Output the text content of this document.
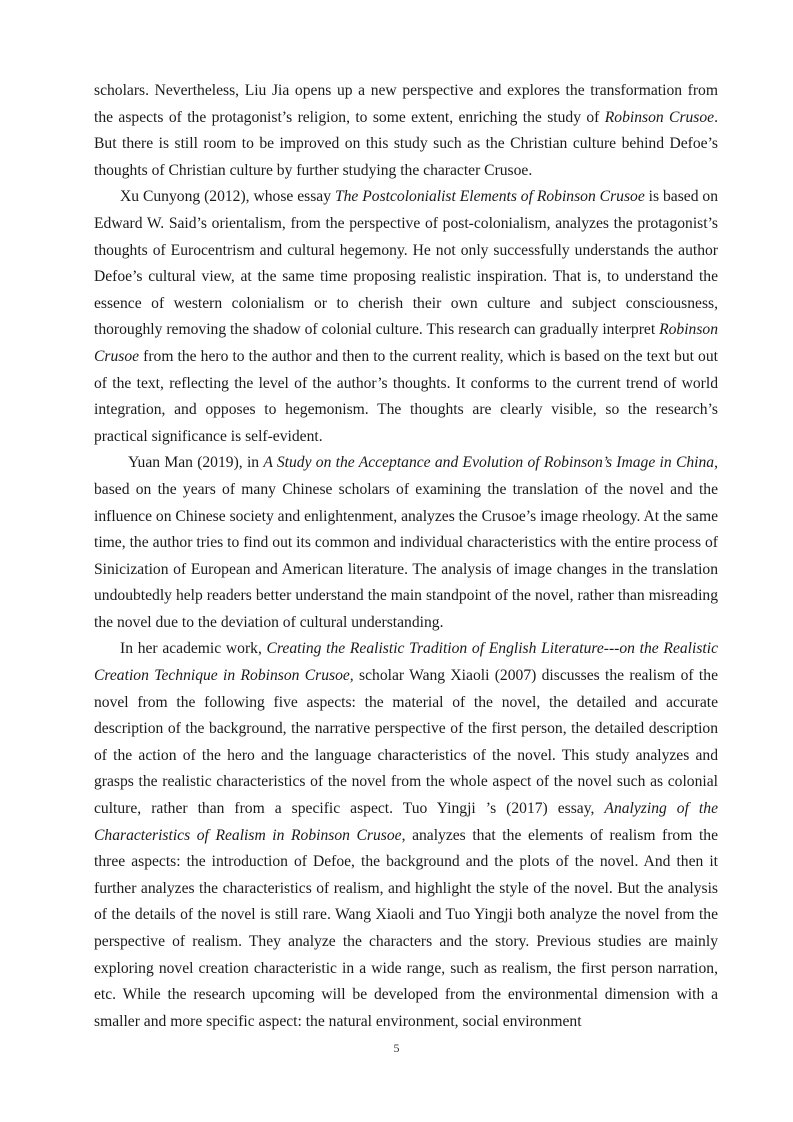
scholars. Nevertheless, Liu Jia opens up a new perspective and explores the transformation from the aspects of the protagonist’s religion, to some extent, enriching the study of Robinson Crusoe. But there is still room to be improved on this study such as the Christian culture behind Defoe’s thoughts of Christian culture by further studying the character Crusoe.

Xu Cunyong (2012), whose essay The Postcolonialist Elements of Robinson Crusoe is based on Edward W. Said’s orientalism, from the perspective of post-colonialism, analyzes the protagonist’s thoughts of Eurocentrism and cultural hegemony. He not only successfully understands the author Defoe’s cultural view, at the same time proposing realistic inspiration. That is, to understand the essence of western colonialism or to cherish their own culture and subject consciousness, thoroughly removing the shadow of colonial culture. This research can gradually interpret Robinson Crusoe from the hero to the author and then to the current reality, which is based on the text but out of the text, reflecting the level of the author’s thoughts. It conforms to the current trend of world integration, and opposes to hegemonism. The thoughts are clearly visible, so the research’s practical significance is self-evident.

Yuan Man (2019), in A Study on the Acceptance and Evolution of Robinson’s Image in China, based on the years of many Chinese scholars of examining the translation of the novel and the influence on Chinese society and enlightenment, analyzes the Crusoe’s image rheology. At the same time, the author tries to find out its common and individual characteristics with the entire process of Sinicization of European and American literature. The analysis of image changes in the translation undoubtedly help readers better understand the main standpoint of the novel, rather than misreading the novel due to the deviation of cultural understanding.

In her academic work, Creating the Realistic Tradition of English Literature---on the Realistic Creation Technique in Robinson Crusoe, scholar Wang Xiaoli (2007) discusses the realism of the novel from the following five aspects: the material of the novel, the detailed and accurate description of the background, the narrative perspective of the first person, the detailed description of the action of the hero and the language characteristics of the novel. This study analyzes and grasps the realistic characteristics of the novel from the whole aspect of the novel such as colonial culture, rather than from a specific aspect. Tuo Yingji ’s (2017) essay, Analyzing of the Characteristics of Realism in Robinson Crusoe, analyzes that the elements of realism from the three aspects: the introduction of Defoe, the background and the plots of the novel. And then it further analyzes the characteristics of realism, and highlight the style of the novel. But the analysis of the details of the novel is still rare. Wang Xiaoli and Tuo Yingji both analyze the novel from the perspective of realism. They analyze the characters and the story. Previous studies are mainly exploring novel creation characteristic in a wide range, such as realism, the first person narration, etc. While the research upcoming will be developed from the environmental dimension with a smaller and more specific aspect: the natural environment, social environment

5
